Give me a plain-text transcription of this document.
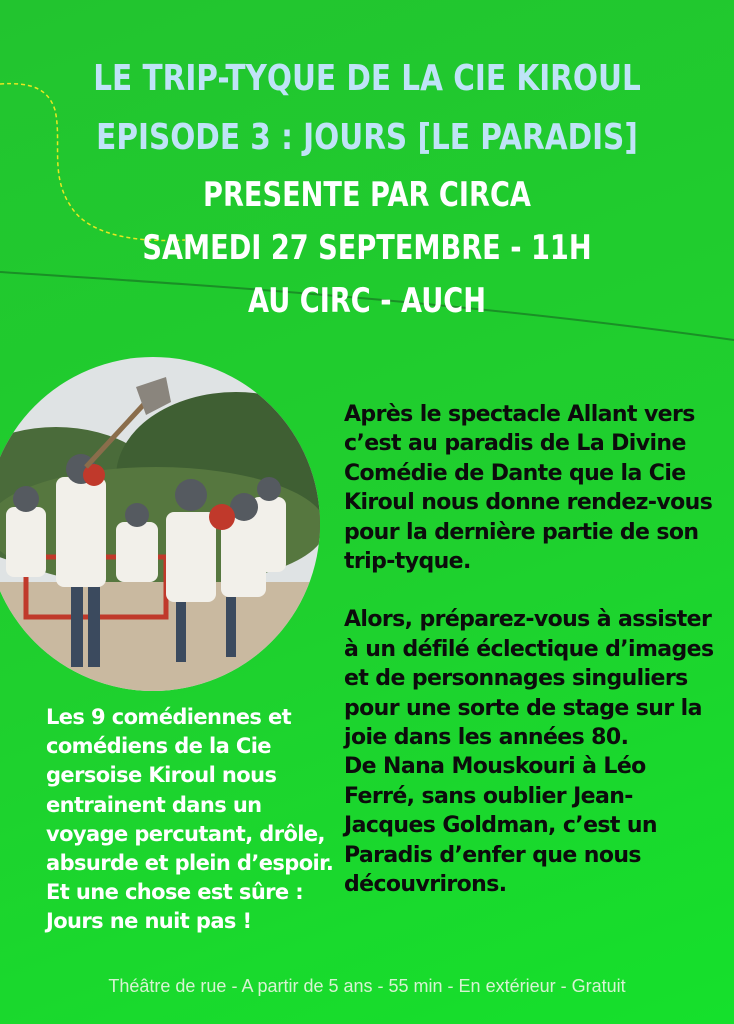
LE TRIP-TYQUE DE LA CIE KIROUL
EPISODE 3 : JOURS [LE PARADIS]
PRESENTE PAR CIRCA
SAMEDI 27 SEPTEMBRE - 11H
AU CIRC - AUCH

Après le spectacle Allant vers c’est au paradis de La Divine Comédie de Dante que la Cie Kiroul nous donne rendez-vous pour la dernière partie de son trip-tyque.

Alors, préparez-vous à assister à un défilé éclectique d’images et de personnages singuliers pour une sorte de stage sur la joie dans les années 80.

De Nana Mouskouri à Léo Ferré, sans oublier Jean-Jacques Goldman, c’est un Paradis d’enfer que nous découvrirons.

Les 9 comédiennes et comédiens de la Cie gersoise Kiroul nous entrainent dans un voyage percutant, drôle, absurde et plein d’espoir. Et une chose est sûre : Jours ne nuit pas !
Théâtre de rue - A partir de 5 ans - 55 min - En extérieur - Gratuit
